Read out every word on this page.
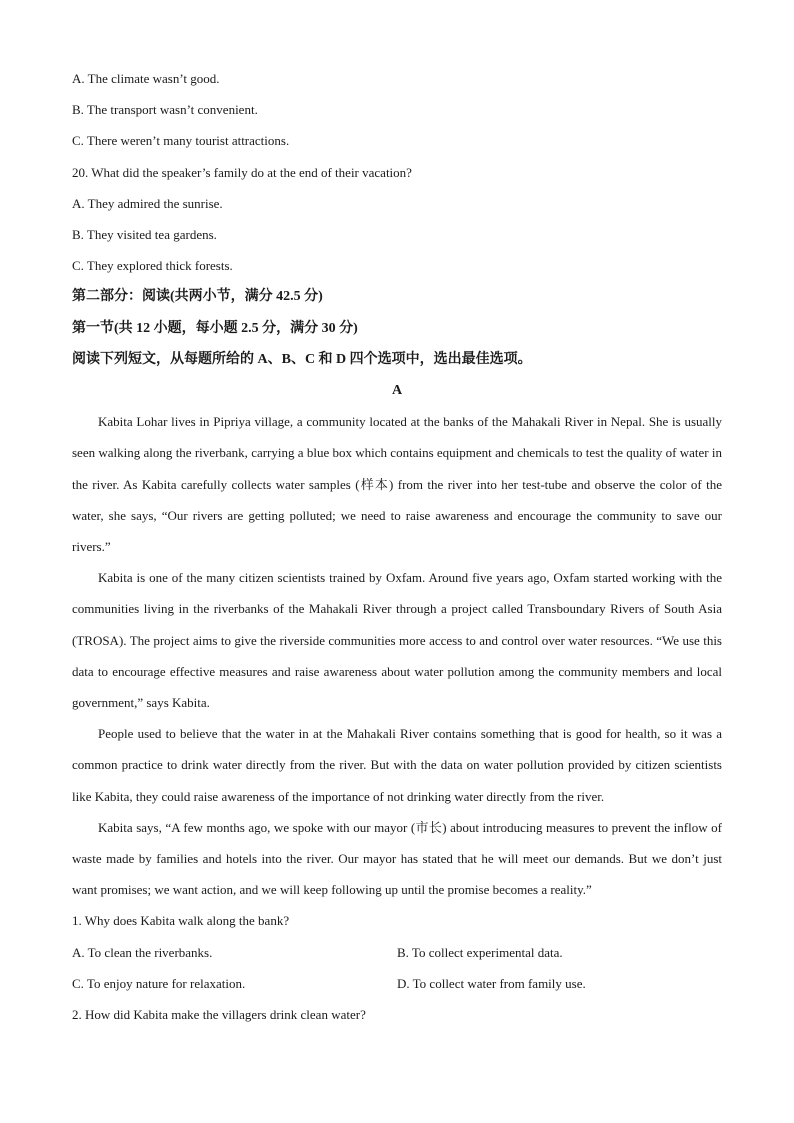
A. The climate wasn’t good.
B. The transport wasn’t convenient.
C. There weren’t many tourist attractions.
20. What did the speaker’s family do at the end of their vacation?
A. They admired the sunrise.
B. They visited tea gardens.
C. They explored thick forests.
第二部分：阅读(共两小节，满分 42.5 分)
第一节(共 12 小题，每小题 2.5 分，满分 30 分)
阅读下列短文，从每题所给的 A、B、C 和 D 四个选项中，选出最佳选项。
A

Kabita Lohar lives in Pipriya village, a community located at the banks of the Mahakali River in Nepal. She is usually seen walking along the riverbank, carrying a blue box which contains equipment and chemicals to test the quality of water in the river. As Kabita carefully collects water samples (样本) from the river into her test-tube and observe the color of the water, she says, “Our rivers are getting polluted; we need to raise awareness and encourage the community to save our rivers.”

Kabita is one of the many citizen scientists trained by Oxfam. Around five years ago, Oxfam started working with the communities living in the riverbanks of the Mahakali River through a project called Transboundary Rivers of South Asia (TROSA). The project aims to give the riverside communities more access to and control over water resources. “We use this data to encourage effective measures and raise awareness about water pollution among the community members and local government,” says Kabita.

People used to believe that the water in at the Mahakali River contains something that is good for health, so it was a common practice to drink water directly from the river. But with the data on water pollution provided by citizen scientists like Kabita, they could raise awareness of the importance of not drinking water directly from the river.

Kabita says, “A few months ago, we spoke with our mayor (市长) about introducing measures to prevent the inflow of waste made by families and hotels into the river. Our mayor has stated that he will meet our demands. But we don’t just want promises; we want action, and we will keep following up until the promise becomes a reality.”

1. Why does Kabita walk along the bank?
A. To clean the riverbanks.	B. To collect experimental data.
C. To enjoy nature for relaxation.	D. To collect water from family use.
2. How did Kabita make the villagers drink clean water?
